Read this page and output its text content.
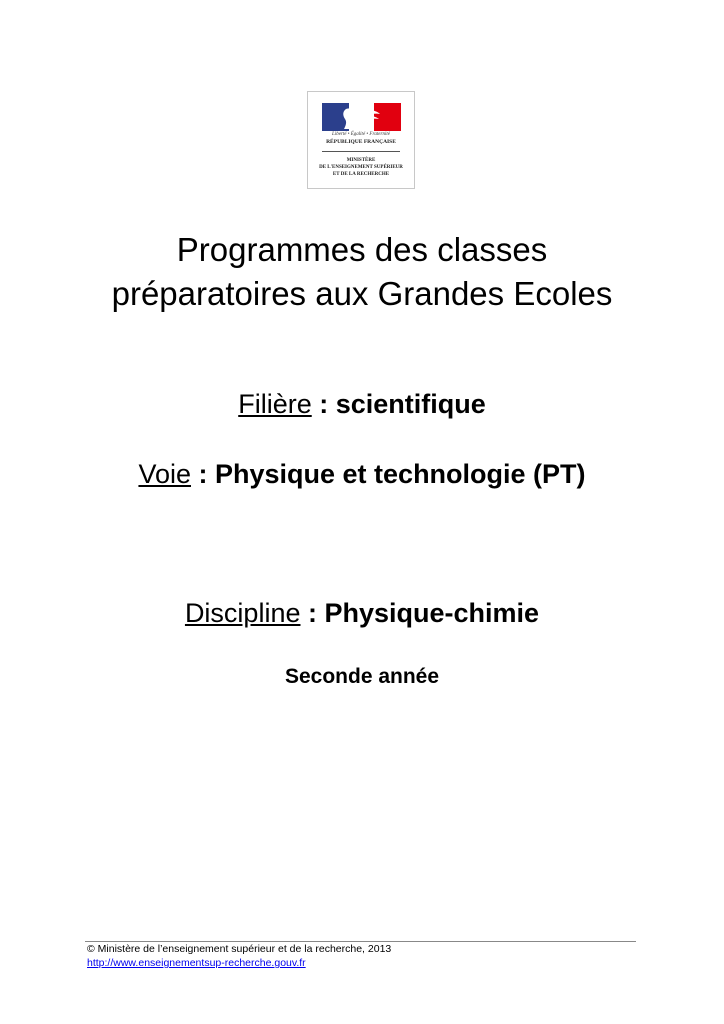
Liberté • Égalité • Fraternité
RÉPUBLIQUE FRANÇAISE
MINISTÈRE
DE L'ENSEIGNEMENT SUPÉRIEUR
ET DE LA RECHERCHE
Programmes des classes
préparatoires aux Grandes Ecoles
Filière : scientifique
Voie : Physique et technologie (PT)
Discipline : Physique-chimie
Seconde année
© Ministère de l’enseignement supérieur et de la recherche, 2013
http://www.enseignementsup-recherche.gouv.fr
